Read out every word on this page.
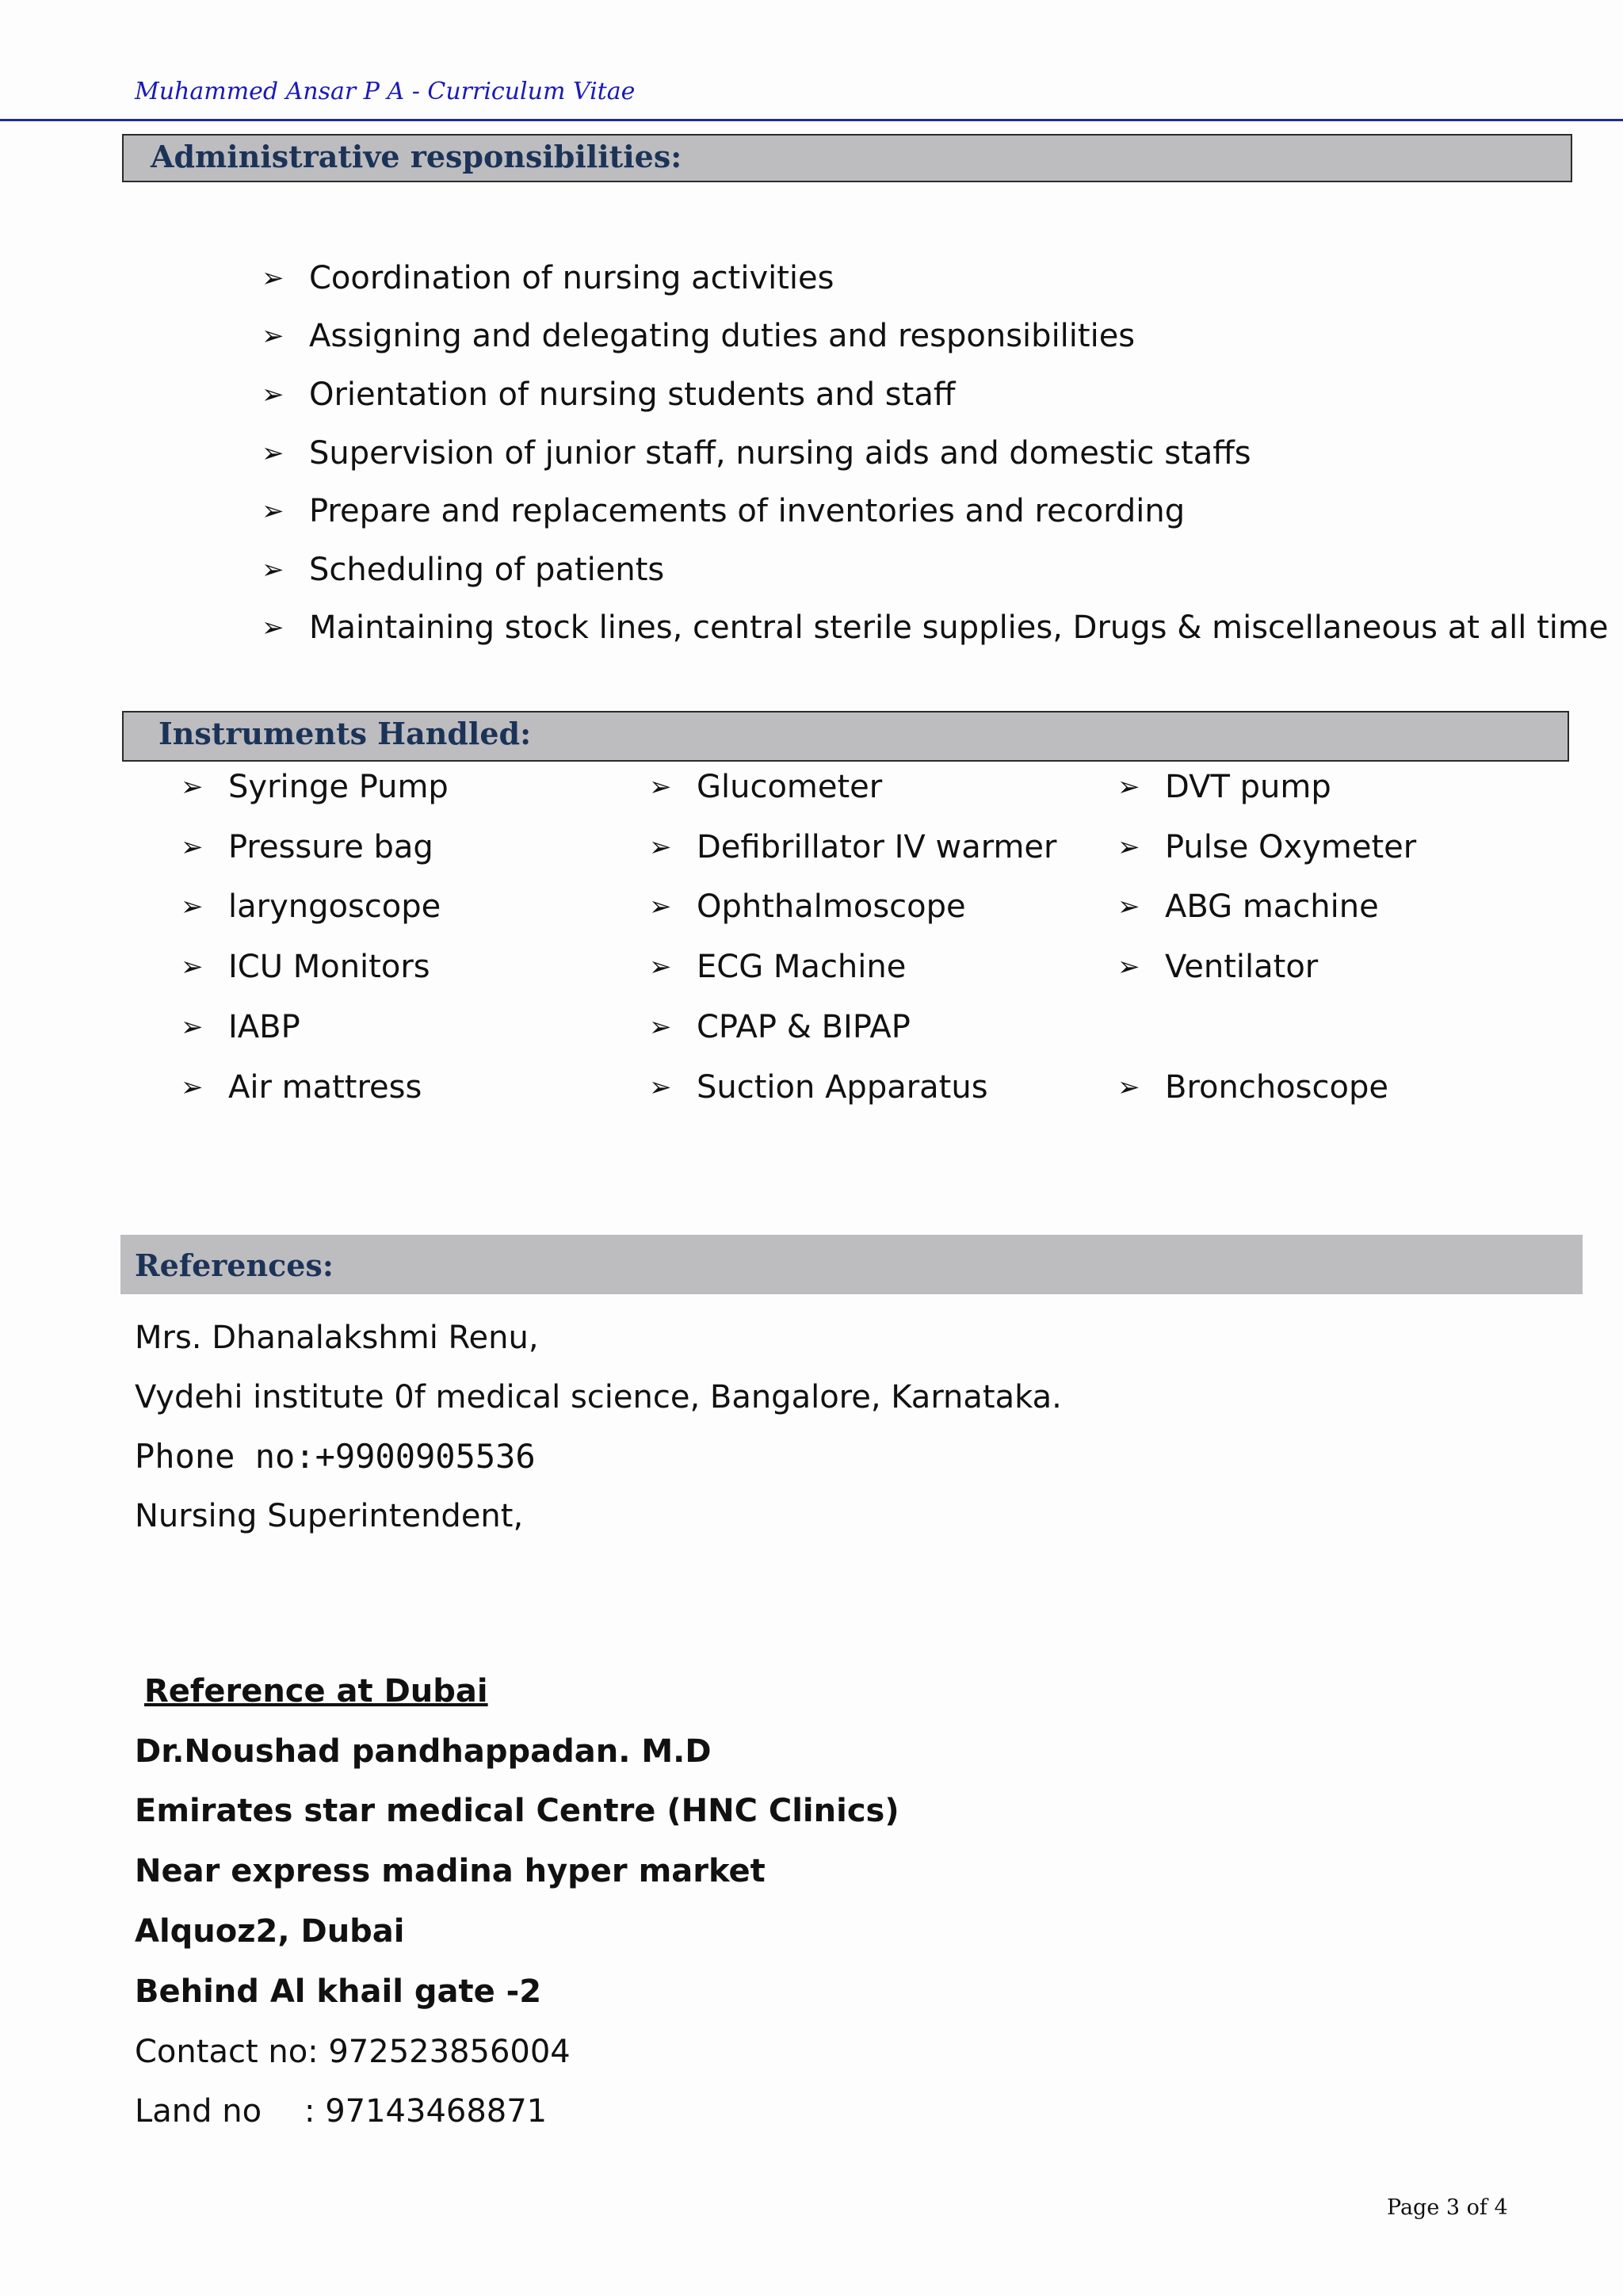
Muhammed Ansar P A - Curriculum Vitae
Administrative responsibilities:
➢ Coordination of nursing activities
➢ Assigning and delegating duties and responsibilities
➢ Orientation of nursing students and staff
➢ Supervision of junior staff, nursing aids and domestic staffs
➢ Prepare and replacements of inventories and recording
➢ Scheduling of patients
➢ Maintaining stock lines, central sterile supplies, Drugs & miscellaneous at all time
Instruments Handled:
➢ Syringe Pump	➢ Glucometer	➢ DVT pump
➢ Pressure bag	➢ Defibrillator IV warmer ➢ Pulse Oxymeter
➢ laryngoscope	➢ Ophthalmoscope	➢ ABG machine
➢ ICU Monitors	➢ ECG Machine	➢ Ventilator
➢ IABP	➢ CPAP & BIPAP
➢ Air mattress	➢ Suction Apparatus	➢ Bronchoscope
References:
Mrs. Dhanalakshmi Renu,
Vydehi institute 0f medical science, Bangalore, Karnataka.
Phone no:+9900905536
Nursing Superintendent,
Reference at Dubai
Dr.Noushad pandhappadan. M.D
Emirates star medical Centre (HNC Clinics)
Near express madina hyper market
Alquoz2, Dubai
Behind Al khail gate -2
Contact no: 972523856004
Land no	: 97143468871
Page 3 of 4
